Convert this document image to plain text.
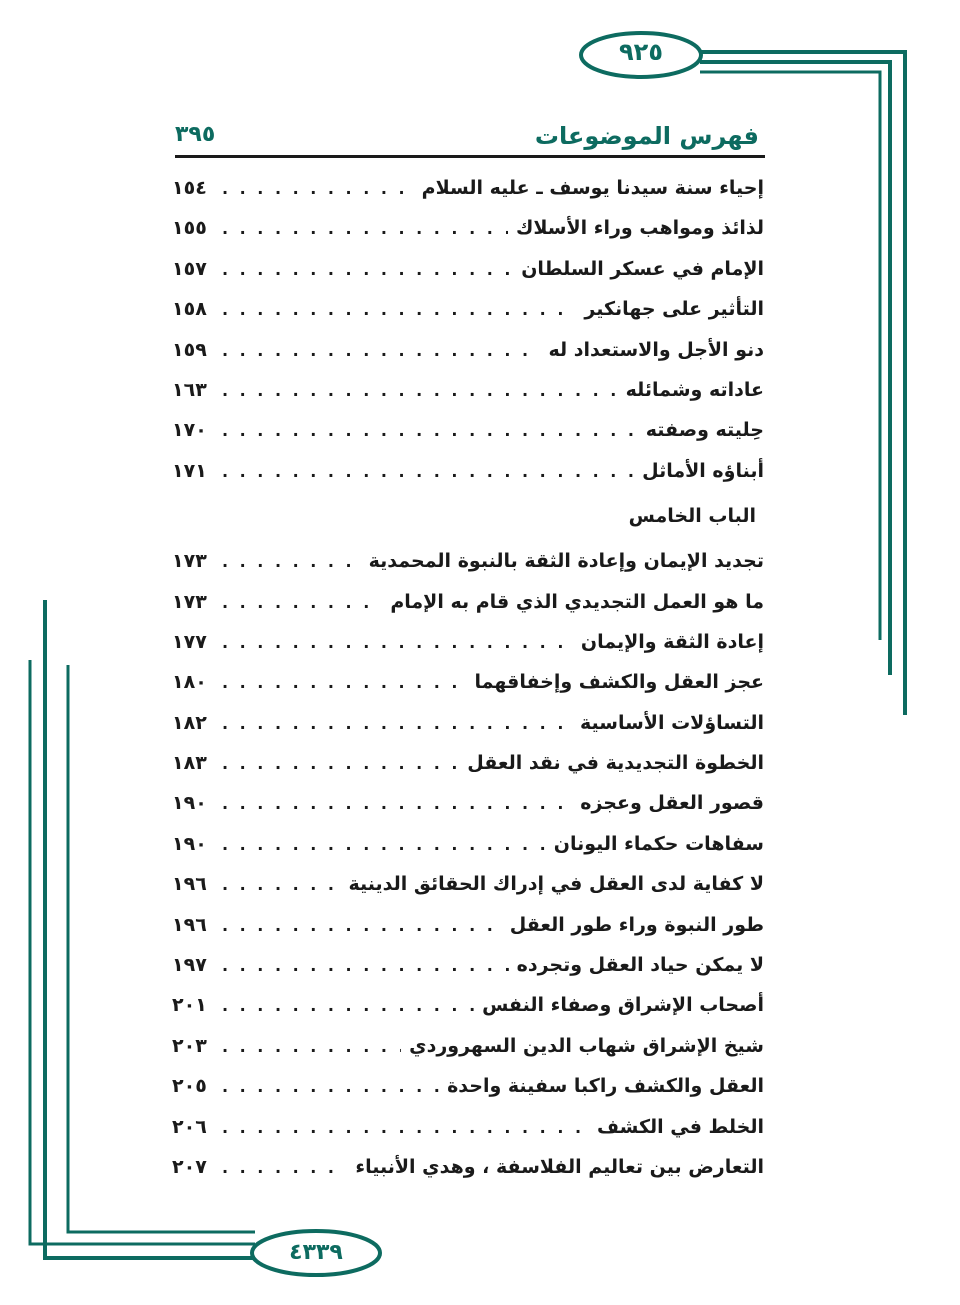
٩٢٥
٤٣٣٩
فهرس الموضوعات
٣٩٥
إحياء سنة سيدنا يوسف ـ عليه السلام
. . .
١٥٤
لذائذ ومواهب وراء الأسلاك
. . .
١٥٥
الإمام في عسكر السلطان
. . .
١٥٧
التأثير على جهانكير
. . .
١٥٨
دنو الأجل والاستعداد له
. . .
١٥٩
عاداته وشمائله
. . .
١٦٣
حِليته وصفته
. . .
١٧٠
أبناؤه الأماثل
. . .
١٧١
الباب الخامس
تجديد الإيمان وإعادة الثقة بالنبوة المحمدية
. . .
١٧٣
ما هو العمل التجديدي الذي قام به الإمام
. . .
١٧٣
إعادة الثقة والإيمان
. . .
١٧٧
عجز العقل والكشف وإخفاقهما
. . .
١٨٠
التساؤلات الأساسية
. . .
١٨٢
الخطوة التجديدية في نقد العقل
. . .
١٨٣
قصور العقل وعجزه
. . .
١٩٠
سفاهات حكماء اليونان
. . .
١٩٠
لا كفاية لدى العقل في إدراك الحقائق الدينية
. . .
١٩٦
طور النبوة وراء طور العقل
. . .
١٩٦
لا يمكن حياد العقل وتجرده
. . .
١٩٧
أصحاب الإشراق وصفاء النفس
. . .
٢٠١
شيخ الإشراق شهاب الدين السهروردي
. . .
٢٠٣
العقل والكشف راكبا سفينة واحدة
. . .
٢٠٥
الخلط في الكشف
. . .
٢٠٦
التعارض بين تعاليم الفلاسفة ، وهدي الأنبياء
. . .
٢٠٧
